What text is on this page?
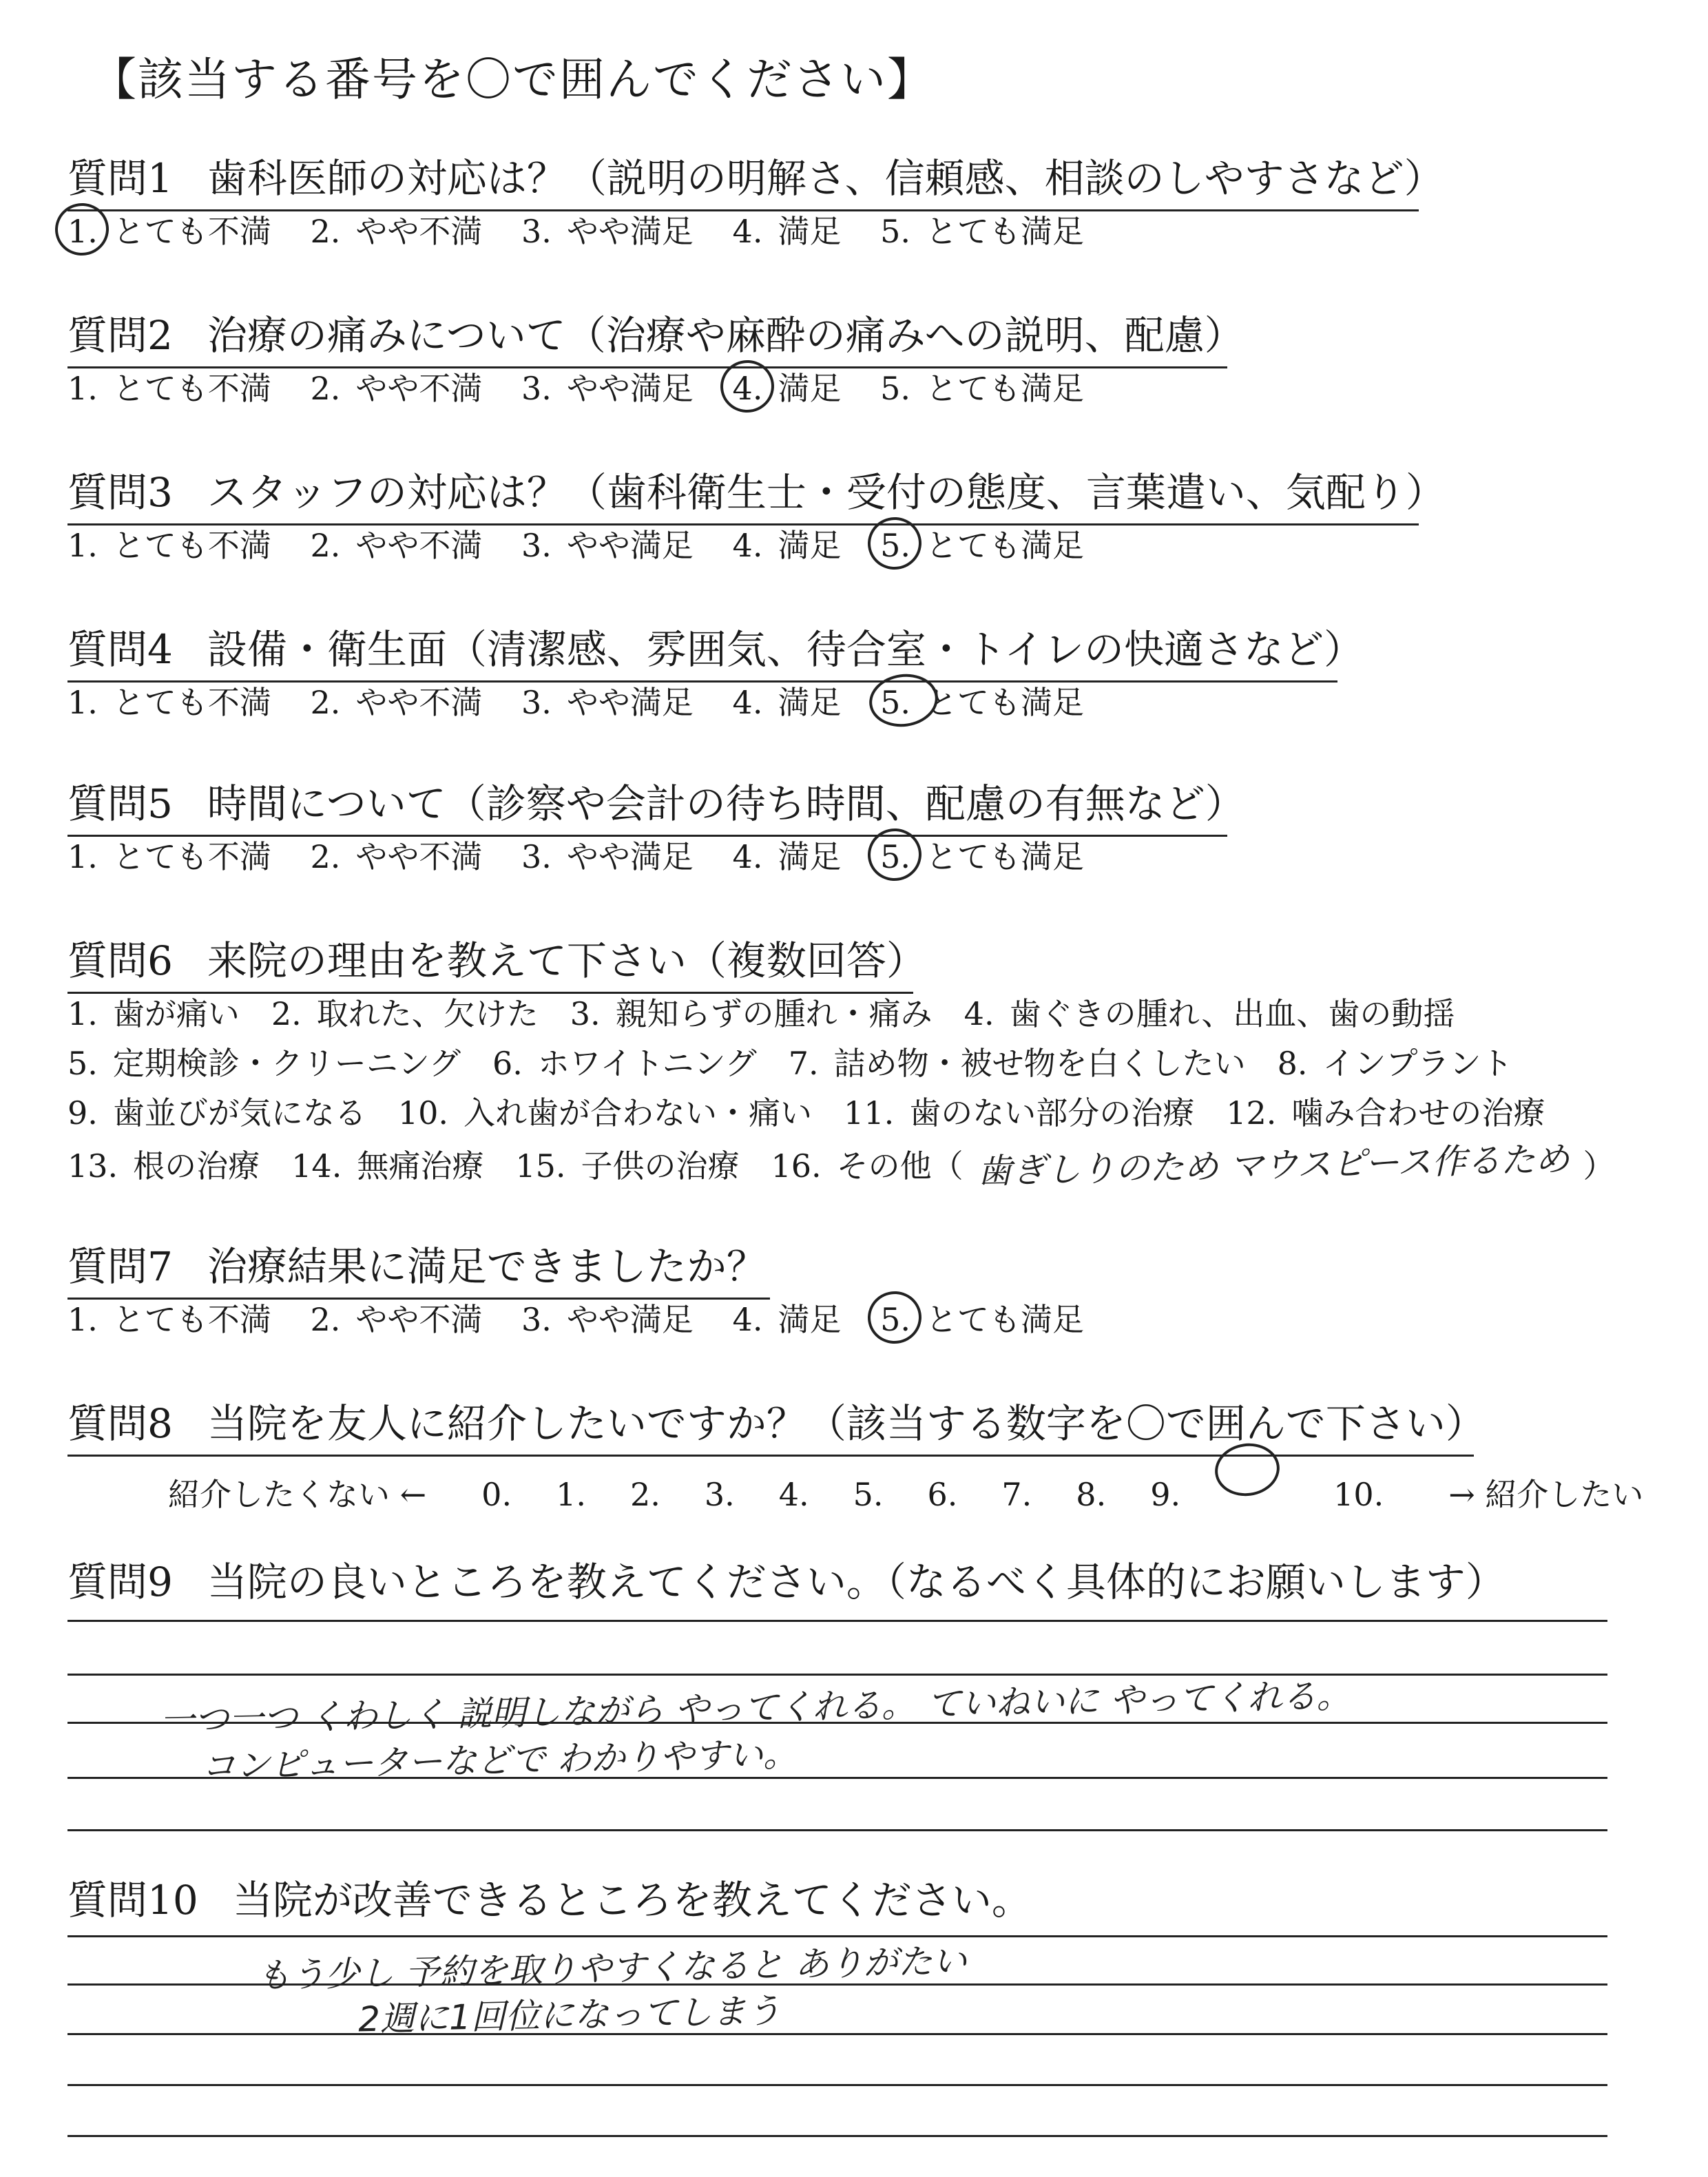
【該当する番号を〇で囲んでください】
質問1 歯科医師の対応は？（説明の明解さ、信頼感、相談のしやすさなど）
1. とても不満 2. やや不満 3. やや満足 4. 満足 5. とても満足
質問2 治療の痛みについて（治療や麻酔の痛みへの説明、配慮）
1. とても不満 2. やや不満 3. やや満足 4. 満足 5. とても満足
質問3 スタッフの対応は？（歯科衛生士・受付の態度、言葉遣い、気配り）
1. とても不満 2. やや不満 3. やや満足 4. 満足 5. とても満足
質問4 設備・衛生面（清潔感、雰囲気、待合室・トイレの快適さなど）
1. とても不満 2. やや不満 3. やや満足 4. 満足 5. とても満足
質問5 時間について（診察や会計の待ち時間、配慮の有無など）
1. とても不満 2. やや不満 3. やや満足 4. 満足 5. とても満足
質問6 来院の理由を教えて下さい（複数回答）
1. 歯が痛い 2. 取れた、欠けた 3. 親知らずの腫れ・痛み 4. 歯ぐきの腫れ、出血、歯の動揺
5. 定期検診・クリーニング 6. ホワイトニング 7. 詰め物・被せ物を白くしたい 8. インプラント
9. 歯並びが気になる 10. 入れ歯が合わない・痛い 11. 歯のない部分の治療 12. 噛み合わせの治療
13. 根の治療 14. 無痛治療 15. 子供の治療 16. その他（ 歯ぎしりのため マウスピース作るため ）
質問7 治療結果に満足できましたか？
1. とても不満 2. やや不満 3. やや満足 4. 満足 5. とても満足
質問8 当院を友人に紹介したいですか？（該当する数字を〇で囲んで下さい）
紹介したくない ← 0. 1. 2. 3. 4. 5. 6. 7. 8. 9.	10. → 紹介したい
質問9 当院の良いところを教えてください。（なるべく具体的にお願いします）
一つ一つ くわしく 説明しながら やってくれる。 ていねいに やってくれる。
コンピューターなどで わかりやすい。
質問10 当院が改善できるところを教えてください。
もう少し 予約を取りやすくなると ありがたい
2週に1回位になってしまう
